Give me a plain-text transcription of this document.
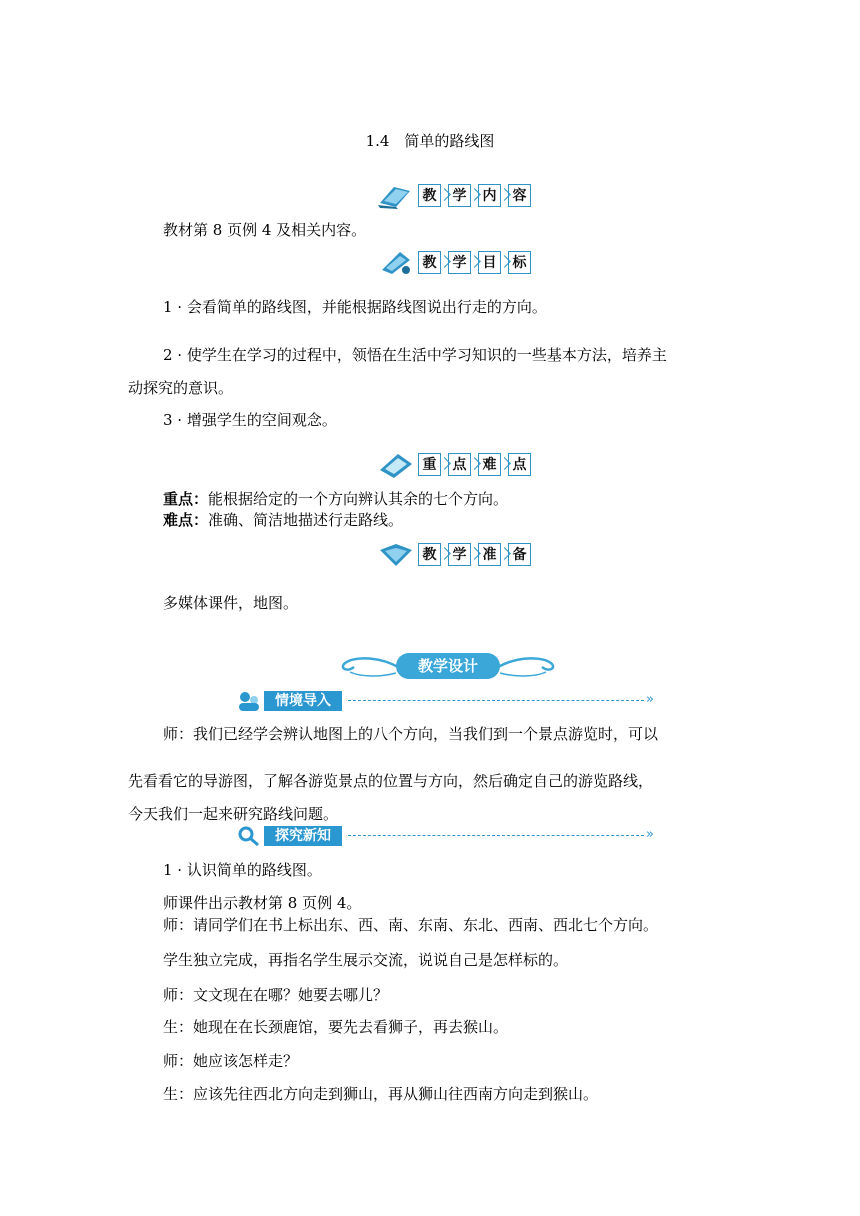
1.4　简单的路线图
教	学	内	容
教材第 8 页例 4 及相关内容。
教	学	目	标
1 · 会看简单的路线图，并能根据路线图说出行走的方向。
2 · 使学生在学习的过程中，领悟在生活中学习知识的一些基本方法，培养主
动探究的意识。
3 · 增强学生的空间观念。
重	点	难	点
重点：能根据给定的一个方向辨认其余的七个方向。
难点：准确、简洁地描述行走路线。
教	学	准	备
多媒体课件，地图。
教学设计
情境导入	»
师：我们已经学会辨认地图上的八个方向，当我们到一个景点游览时，可以
先看看它的导游图，了解各游览景点的位置与方向，然后确定自己的游览路线，
今天我们一起来研究路线问题。
探究新知	»
1 · 认识简单的路线图。
师课件出示教材第 8 页例 4。
师：请同学们在书上标出东、西、南、东南、东北、西南、西北七个方向。
学生独立完成，再指名学生展示交流，说说自己是怎样标的。
师：文文现在在哪？她要去哪儿？
生：她现在在长颈鹿馆，要先去看狮子，再去猴山。
师：她应该怎样走？
生：应该先往西北方向走到狮山，再从狮山往西南方向走到猴山。
